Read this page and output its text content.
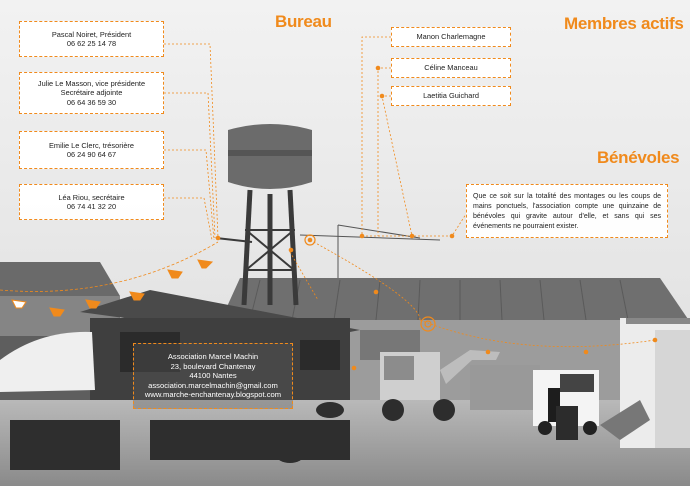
Bureau	Membres actifs
Bénévoles
Pascal Noiret, Président
06 62 25 14 78
Julie Le Masson, vice présidente
Secrétaire adjointe
06 64 36 59 30
Emilie Le Clerc, trésorière
06 24 90 64 67
Léa Riou, secrétaire
06 74 41 32 20
Manon Charlemagne
Céline Manceau
Laetitia Guichard
Que ce soit sur la totalité des montages ou les coups de mains ponctuels, l'association compte une quinzaine de bénévoles qui gravite autour d'elle, et sans qui ses événements ne pourraient exister.
Association Marcel Machin
23, boulevard Chantenay
44100 Nantes
association.marcelmachin@gmail.com
www.marche-enchantenay.blogspot.com
